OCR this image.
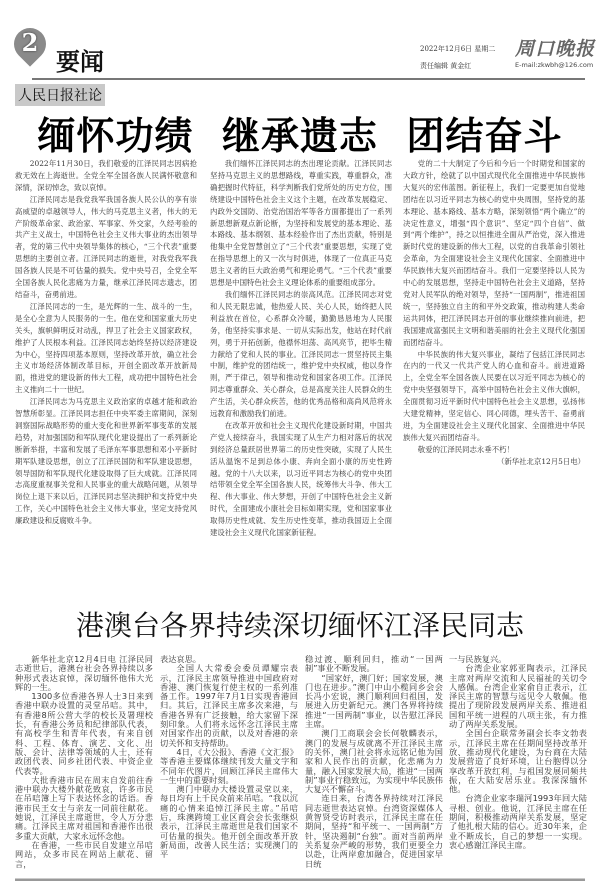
2
要闻	2022年12月6日 星期二
责任编辑 黄金红
周口晚报
E-mail:zkwbh@126.com
人民日报社论
缅怀功绩  继承遗志  团结奋斗

2022年11月30日，我们敬爱的江泽民同志因病抢救无效在上海逝世。全党全军全国各族人民满怀敬意和深情，深切悼念，致以哀悼。

江泽民同志是我党我军我国各族人民公认的享有崇高威望的卓越领导人，伟大的马克思主义者，伟大的无产阶级革命家、政治家、军事家、外交家，久经考验的共产主义战士，中国特色社会主义伟大事业的杰出领导者，党的第三代中央领导集体的核心，“三个代表”重要思想的主要创立者。江泽民同志的逝世，对我党我军我国各族人民是不可估量的损失。党中央号召，全党全军全国各族人民化悲痛为力量，继承江泽民同志遗志，团结奋斗，奋勇前进。

江泽民同志的一生，是光辉的一生、战斗的一生，是全心全意为人民服务的一生。他在党和国家重大历史关头，旗帜鲜明反对动乱，捍卫了社会主义国家政权，维护了人民根本利益。江泽民同志始终坚持以经济建设为中心，坚持四项基本原则，坚持改革开放，确立社会主义市场经济体制改革目标，开创全面改革开放新局面，推进党的建设新的伟大工程，成功把中国特色社会主义推向二十一世纪。

江泽民同志为马克思主义政治家的卓越才能和政治智慧所彰显。江泽民同志担任中央军委主席期间，深刻洞察国际战略形势的重大变化和世界新军事变革的发展趋势，对加强国防和军队现代化建设提出了一系列新论断新举措，丰富和发展了毛泽东军事思想和邓小平新时期军队建设思想，创立了江泽民国防和军队建设思想，领导国防和军队现代化建设取得了巨大成就。江泽民同志高度重视事关党和人民事业的重大战略问题，从领导岗位上退下来以后，江泽民同志坚决拥护和支持党中央工作，关心中国特色社会主义伟大事业，坚定支持党风廉政建设和反腐败斗争。

我们缅怀江泽民同志的杰出理论贡献。江泽民同志坚持马克思主义的思想路线，尊重实践，尊重群众，准确把握时代特征，科学判断我们党所处的历史方位，围绕建设中国特色社会主义这个主题，在改革发展稳定、内政外交国防、治党治国治军等各方面都提出了一系列新思想新观点新论断，为坚持和发展党的基本理论、基本路线、基本纲领、基本经验作出了杰出贡献，特别是他集中全党智慧创立了“三个代表”重要思想，实现了党在指导思想上的又一次与时俱进，体现了一位真正马克思主义者的巨大政治勇气和理论勇气。“三个代表”重要思想是中国特色社会主义理论体系的重要组成部分。

我们缅怀江泽民同志的崇高风范。江泽民同志对党和人民无限忠诚，他热爱人民、关心人民，始终把人民利益放在首位，心系群众冷暖，勤勤恳恳地为人民服务，他坚持实事求是、一切从实际出发，他站在时代前列，勇于开拓创新，他襟怀坦荡、高风亮节，把毕生精力献给了党和人民的事业。江泽民同志一贯坚持民主集中制，维护党的团结统一，维护党中央权威，他以身作则，严于律己，领导和推动党和国家各项工作。江泽民同志尊重群众、关心群众，总是高度关注人民群众的生产生活，关心群众疾苦，他的优秀品格和高尚风范将永远教育和激励我们前进。

在改革开放和社会主义现代化建设新时期，中国共产党人接续奋斗，我国实现了从生产力相对落后的状况到经济总量跃居世界第二的历史性突破，实现了人民生活从温饱不足到总体小康、奔向全面小康的历史性跨越。党的十八大以来，以习近平同志为核心的党中央团结带领全党全军全国各族人民，统筹伟大斗争、伟大工程、伟大事业、伟大梦想，开创了中国特色社会主义新时代，全面建成小康社会目标如期实现，党和国家事业取得历史性成就、发生历史性变革，推动我国迈上全面建设社会主义现代化国家新征程。

党的二十大制定了今后和今后一个时期党和国家的大政方针，绘就了以中国式现代化全面推进中华民族伟大复兴的宏伟蓝图。新征程上，我们一定要更加自觉地团结在以习近平同志为核心的党中央周围，坚持党的基本理论、基本路线、基本方略，深刻领悟“两个确立”的决定性意义，增强“四个意识”、坚定“四个自信”、做到“两个维护”，持之以恒推进全面从严治党，深入推进新时代党的建设新的伟大工程，以党的自我革命引领社会革命，为全面建设社会主义现代化国家、全面推进中华民族伟大复兴而团结奋斗。我们一定要坚持以人民为中心的发展思想，坚持走中国特色社会主义道路，坚持党对人民军队的绝对领导，坚持“一国两制”，推进祖国统一，坚持独立自主的和平外交政策，推动构建人类命运共同体，把江泽民同志开创的事业继续推向前进，把我国建成富强民主文明和谐美丽的社会主义现代化强国而团结奋斗。

中华民族的伟大复兴事业，凝结了包括江泽民同志在内的一代又一代共产党人的心血和奋斗。前进道路上，全党全军全国各族人民要在以习近平同志为核心的党中央坚强领导下，高举中国特色社会主义伟大旗帜，全面贯彻习近平新时代中国特色社会主义思想，弘扬伟大建党精神，坚定信心、同心同德，埋头苦干、奋勇前进，为全面建设社会主义现代化国家、全面推进中华民族伟大复兴而团结奋斗。

敬爱的江泽民同志永垂不朽！

（新华社北京12月5日电）

港澳台各界持续深切缅怀江泽民同志

新华社北京12月4日电 江泽民同志逝世后，港澳台社会各界持续以多种形式表达哀悼，深切缅怀他伟大光辉的一生。

1300多位香港各界人士3日来到香港中联办设置的灵堂吊唁。其中，有香港8所公营大学的校长及署理校长，有香港公务员和纪律部队代表，有高校学生和青年代表，有来自创科、工程、体育、演艺、文化、出版、会计、法律等领域的人士，还有政团代表、同乡社团代表、中资企业代表等。

大批香港市民在周末自发前往香港中联办大楼外献花致哀，许多市民在吊唁簿上写下表达怀念的话语。香港市民王女士与亲友一同前往献花。她说，江泽民主席逝世，令人万分悲痛。江泽民主席对祖国和香港作出很多重大贡献，大家永远怀念他。

在香港，一些市民自发建立吊唁网站，众多市民在网站上献花、留言，

表达哀思。

全国人大常委会委员谭耀宗表示，江泽民主席领导推进中国政府对香港、澳门恢复行使主权的一系列准备工作。1997年7月1日实现香港回归。其后，江泽民主席多次来港，与香港各界有广泛接触，给大家留下深刻印象。人们将永远怀念江泽民主席对国家作出的贡献，以及对香港的亲切关怀和支持帮助。

4日，《大公报》、香港《文汇报》等香港主要媒体继续刊发大量文字和不同年代图片，回顾江泽民主席伟大一生中的重要时刻。

澳门中联办大楼设置灵堂以来，每日均有上千民众前来吊唁。“我以沉痛的心情来追悼江泽民主席。”吊唁后，珠澳跨境工业区商会会长张继炽表示，江泽民主席逝世是我们国家不可估量的损失。他开创全面改革开放新局面，改善人民生活；实现澳门的平

稳过渡、顺利回归，推动“一国两制”事业不断发展。

“国家好，澳门好；国家发展，澳门也在进步。”澳门中山小榄同乡会会长冯小宏说，澳门顺利回归祖国，发展进入历史新纪元。澳门各界将持续推进“一国两制”事业，以告慰江泽民主席。

澳门工商联会会长何敬麟表示，澳门的发展与成就离不开江泽民主席的关怀，澳门社会将永远铭记他为国家和人民作出的贡献，化悲痛为力量，融入国家发展大局，推进“一国两制”事业行稳致远，为实现中华民族伟大复兴不懈奋斗。

连日来，台湾各界持续对江泽民同志逝世表达哀悼。台湾资深媒体人黄智贤受访时表示，江泽民主席在任期间，坚持“和平统一、一国两制”方针，坚决遏制“台独”。面对当前两岸关系复杂严峻的形势，我们更要全力以赴，让两岸愈加融合，促进国家早日统

一与民族复兴。

台湾企业家郭亚陶表示，江泽民主席对两岸交流和人民福祉的关切令人感佩。台湾企业家俞自正表示，江泽民主席的智慧与远见令人敬佩。他提出了现阶段发展两岸关系、推进祖国和平统一进程的八项主张，有力推动了两岸关系发展。

全国台企联常务副会长李文勃表示，江泽民主席在任期间坚持改革开放、推动现代化建设，为台商在大陆发展营造了良好环境，让台胞得以分享改革开放红利，与祖国发展同频共振，在大陆安居乐业。我深深缅怀他。

台湾企业家李瑞河1993年回大陆寻根、创业。他说，江泽民主席在任期间，积极推动两岸关系发展，坚定了他扎根大陆的信心。近30年来，企业不断成长，自己的梦想一一实现。衷心感谢江泽民主席。
